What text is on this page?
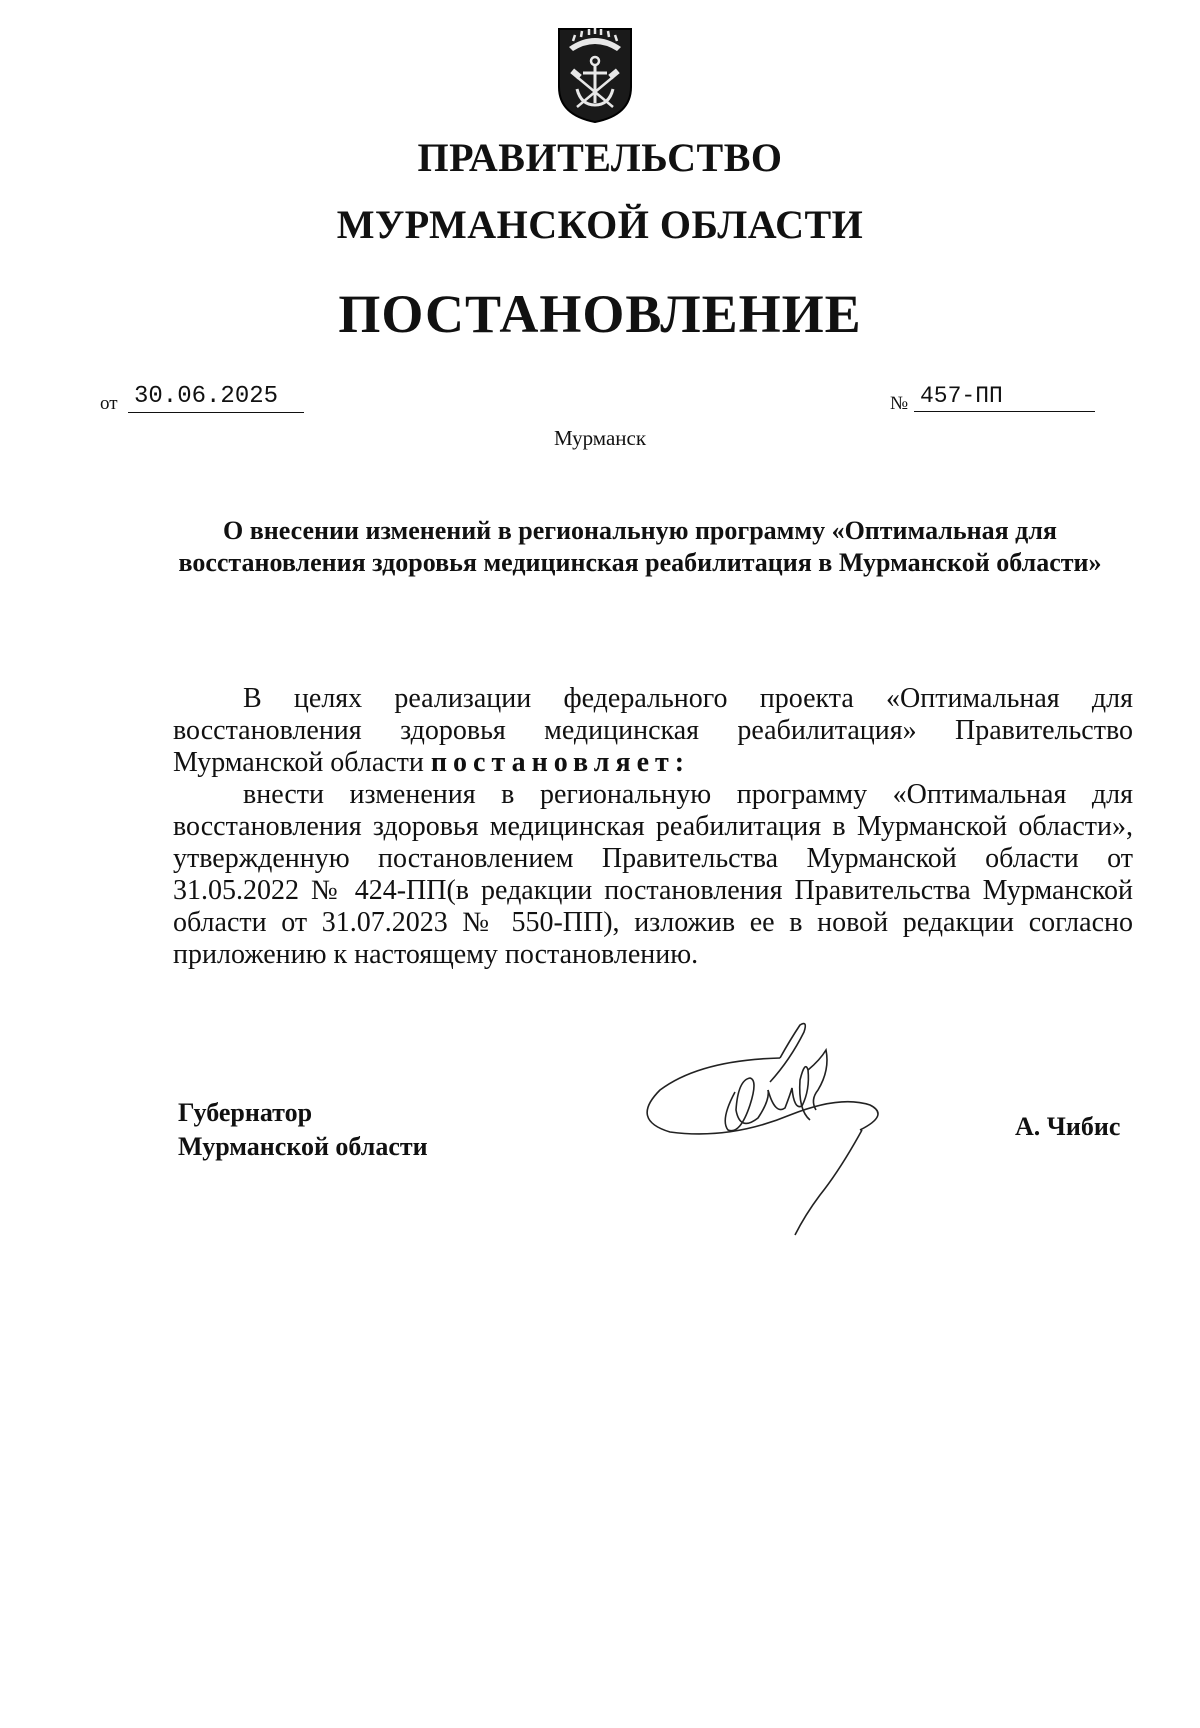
ПРАВИТЕЛЬСТВО
МУРМАНСКОЙ ОБЛАСТИ
ПОСТАНОВЛЕНИЕ
от 30.06.2025	№ 457-ПП
Мурманск
О внесении изменений в региональную программу «Оптимальная для восстановления здоровья медицинская реабилитация в Мурманской области»

В целях реализации федерального проекта «Оптимальная для восстановления здоровья медицинская реабилитация» Правительство Мурманской области постановляет:

внести изменения в региональную программу «Оптимальная для восстановления здоровья медицинская реабилитация в Мурманской области», утвержденную постановлением Правительства Мурманской области от 31.05.2022 № 424-ПП(в редакции постановления Правительства Мурманской области от 31.07.2023 № 550-ПП), изложив ее в новой редакции согласно приложению к настоящему постановлению.

Губернатор
Мурманской области
А. Чибис
